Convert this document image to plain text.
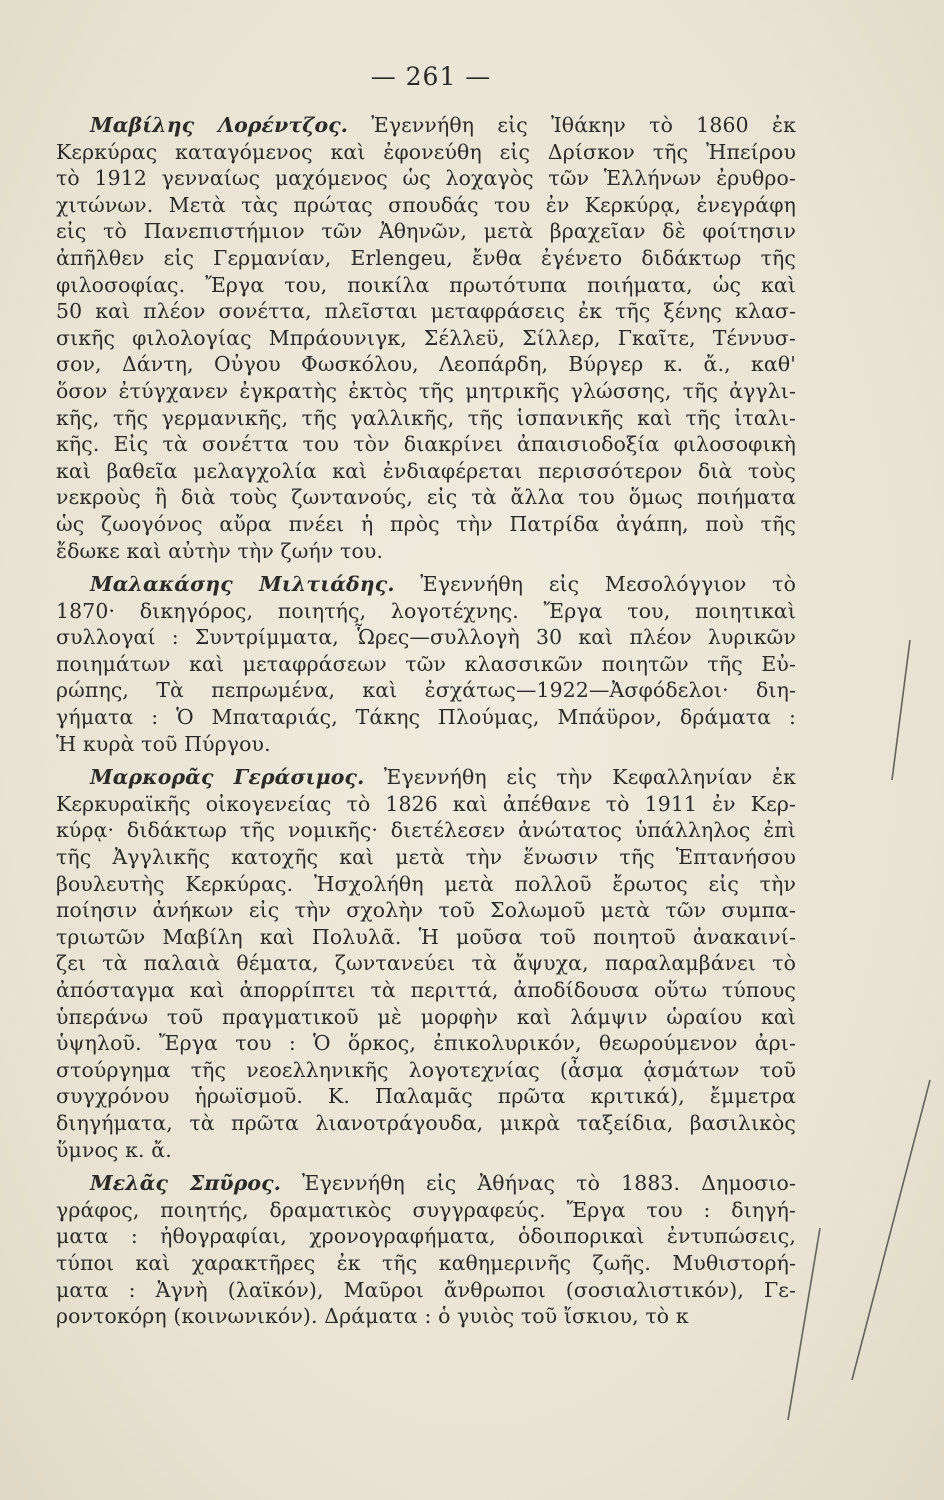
— 261 —
Μαβίλης Λορέντζος. Ἐγεννήθη εἰς Ἰθάκην τὸ 1860 ἐκ
Κερκύρας καταγόμενος καὶ ἐφονεύθη εἰς Δρίσκον τῆς Ἠπείρου
τὸ 1912 γενναίως μαχόμενος ὡς λοχαγὸς τῶν Ἑλλήνων ἐρυθρο-
χιτώνων. Μετὰ τὰς πρώτας σπουδάς του ἐν Κερκύρᾳ, ἐνεγράφη
εἰς τὸ Πανεπιστήμιον τῶν Ἀθηνῶν, μετὰ βραχεῖαν δὲ φοίτησιν
ἀπῆλθεν εἰς Γερμανίαν, Erlengeu, ἔνθα ἐγένετο διδάκτωρ τῆς
φιλοσοφίας. Ἔργα του, ποικίλα πρωτότυπα ποιήματα, ὡς καὶ
50 καὶ πλέον σονέττα, πλεῖσται μεταφράσεις ἐκ τῆς ξένης κλασ-
σικῆς φιλολογίας Μπράουνιγκ, Σέλλεϋ, Σίλλερ, Γκαῖτε, Τέννυσ-
σον, Δάντη, Οὐγου Φωσκόλου, Λεοπάρδη, Βύργερ κ. ἄ., καθ'
ὅσον ἐτύγχανεν ἐγκρατὴς ἐκτὸς τῆς μητρικῆς γλώσσης, τῆς ἀγγλι-
κῆς, τῆς γερμανικῆς, τῆς γαλλικῆς, τῆς ἱσπανικῆς καὶ τῆς ἰταλι-
κῆς. Εἰς τὰ σονέττα του τὸν διακρίνει ἀπαισιοδοξία φιλοσοφικὴ
καὶ βαθεῖα μελαγχολία καὶ ἐνδιαφέρεται περισσότερον διὰ τοὺς
νεκροὺς ἢ διὰ τοὺς ζωντανούς, εἰς τὰ ἄλλα του ὅμως ποιήματα
ὡς ζωογόνος αὔρα πνέει ἡ πρὸς τὴν Πατρίδα ἀγάπη, ποὺ τῆς
ἔδωκε καὶ αὐτὴν τὴν ζωήν του.
Μαλακάσης Μιλτιάδης. Ἐγεννήθη εἰς Μεσολόγγιον τὸ
1870· δικηγόρος, ποιητής, λογοτέχνης. Ἔργα του, ποιητικαὶ
συλλογαί : Συντρίμματα, Ὧρες—συλλογὴ 30 καὶ πλέον λυρικῶν
ποιημάτων καὶ μεταφράσεων τῶν κλασσικῶν ποιητῶν τῆς Εὐ-
ρώπης, Τὰ πεπρωμένα, καὶ ἐσχάτως—1922—Ἀσφόδελοι· διη-
γήματα : Ὁ Μπαταριάς, Τάκης Πλούμας, Μπάϋρον, δράματα :
Ἡ κυρὰ τοῦ Πύργου.
Μαρκορᾶς Γεράσιμος. Ἐγεννήθη εἰς τὴν Κεφαλληνίαν ἐκ
Κερκυραϊκῆς οἰκογενείας τὸ 1826 καὶ ἀπέθανε τὸ 1911 ἐν Κερ-
κύρᾳ· διδάκτωρ τῆς νομικῆς· διετέλεσεν ἀνώτατος ὑπάλληλος ἐπὶ
τῆς Ἀγγλικῆς κατοχῆς καὶ μετὰ τὴν ἕνωσιν τῆς Ἑπτανήσου
βουλευτὴς Κερκύρας. Ἠσχολήθη μετὰ πολλοῦ ἔρωτος εἰς τὴν
ποίησιν ἀνήκων εἰς τὴν σχολὴν τοῦ Σολωμοῦ μετὰ τῶν συμπα-
τριωτῶν Μαβίλη καὶ Πολυλᾶ. Ἡ μοῦσα τοῦ ποιητοῦ ἀνακαινί-
ζει τὰ παλαιὰ θέματα, ζωντανεύει τὰ ἄψυχα, παραλαμβάνει τὸ
ἀπόσταγμα καὶ ἀπορρίπτει τὰ περιττά, ἀποδίδουσα οὕτω τύπους
ὑπεράνω τοῦ πραγματικοῦ μὲ μορφὴν καὶ λάμψιν ὡραίου καὶ
ὑψηλοῦ. Ἔργα του : Ὁ ὅρκος, ἐπικολυρικόν, θεωρούμενον ἀρι-
στούργημα τῆς νεοελληνικῆς λογοτεχνίας (ἆσμα ᾀσμάτων τοῦ
συγχρόνου ἡρωϊσμοῦ. Κ. Παλαμᾶς πρῶτα κριτικά), ἔμμετρα
διηγήματα, τὰ πρῶτα λιανοτράγουδα, μικρὰ ταξείδια, βασιλικὸς
ὕμνος κ. ἄ.
Μελᾶς Σπῦρος. Ἐγεννήθη εἰς Ἀθήνας τὸ 1883. Δημοσιο-
γράφος, ποιητής, δραματικὸς συγγραφεύς. Ἔργα του : διηγή-
ματα : ἠθογραφίαι, χρονογραφήματα, ὁδοιπορικαὶ ἐντυπώσεις,
τύποι καὶ χαρακτῆρες ἐκ τῆς καθημερινῆς ζωῆς. Μυθιστορή-
ματα : Ἁγνὴ (λαϊκόν), Μαῦροι ἄνθρωποι (σοσιαλιστικόν), Γε-
ροντοκόρη (κοινωνικόν). Δράματα : ὁ γυιὸς τοῦ ἴσκιου, τὸ κ
